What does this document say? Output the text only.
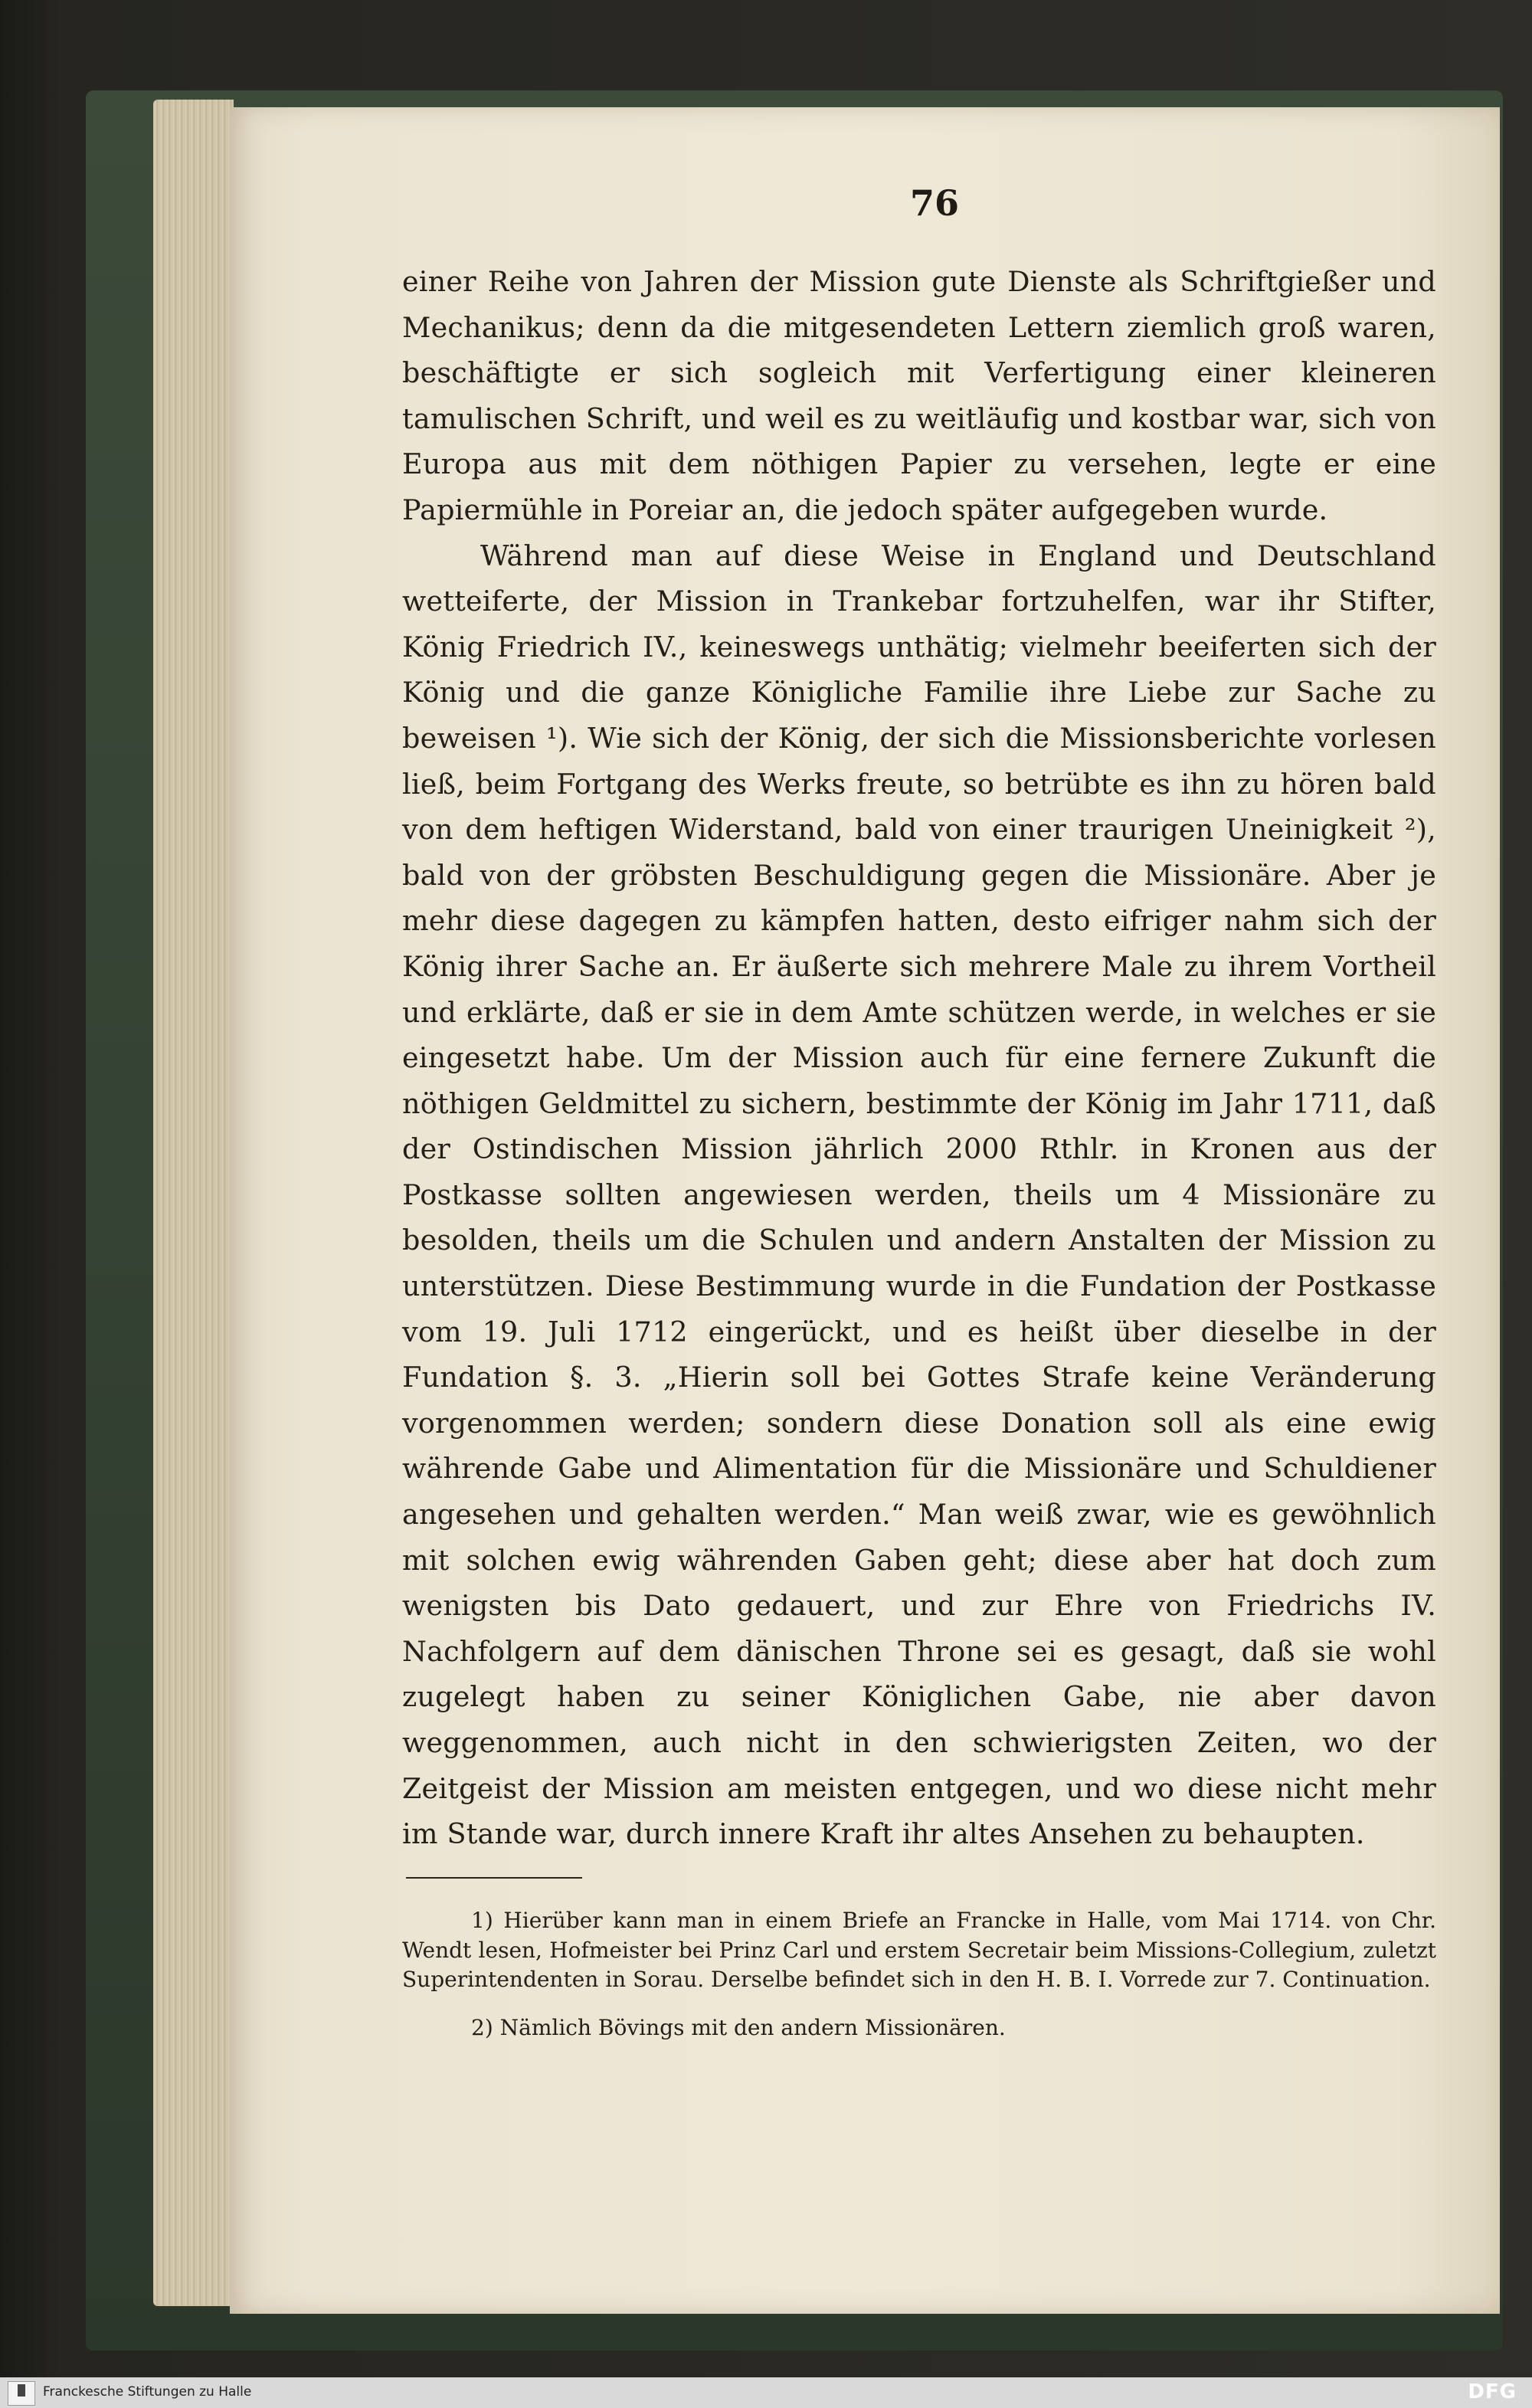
76

einer Reihe von Jahren der Mission gute Dienste als Schriftgießer und Mechanikus; denn da die mitgesendeten Lettern ziemlich groß waren, beschäftigte er sich sogleich mit Verfertigung einer kleineren tamulischen Schrift, und weil es zu weitläufig und kostbar war, sich von Europa aus mit dem nöthigen Papier zu versehen, legte er eine Papiermühle in Poreiar an, die jedoch später aufgegeben wurde.

Während man auf diese Weise in England und Deutschland wetteiferte, der Mission in Trankebar fortzuhelfen, war ihr Stifter, König Friedrich IV., keineswegs unthätig; vielmehr beeiferten sich der König und die ganze Königliche Familie ihre Liebe zur Sache zu beweisen ¹). Wie sich der König, der sich die Missionsberichte vorlesen ließ, beim Fortgang des Werks freute, so betrübte es ihn zu hören bald von dem heftigen Widerstand, bald von einer traurigen Uneinigkeit ²), bald von der gröbsten Beschuldigung gegen die Missionäre. Aber je mehr diese dagegen zu kämpfen hatten, desto eifriger nahm sich der König ihrer Sache an. Er äußerte sich mehrere Male zu ihrem Vortheil und erklärte, daß er sie in dem Amte schützen werde, in welches er sie eingesetzt habe. Um der Mission auch für eine fernere Zukunft die nöthigen Geldmittel zu sichern, bestimmte der König im Jahr 1711, daß der Ostindischen Mission jährlich 2000 Rthlr. in Kronen aus der Postkasse sollten angewiesen werden, theils um 4 Missionäre zu besolden, theils um die Schulen und andern Anstalten der Mission zu unterstützen. Diese Bestimmung wurde in die Fundation der Postkasse vom 19. Juli 1712 eingerückt, und es heißt über dieselbe in der Fundation §. 3. „Hierin soll bei Gottes Strafe keine Veränderung vorgenommen werden; sondern diese Donation soll als eine ewig währende Gabe und Alimentation für die Missionäre und Schuldiener angesehen und gehalten werden.“ Man weiß zwar, wie es gewöhnlich mit solchen ewig währenden Gaben geht; diese aber hat doch zum wenigsten bis Dato gedauert, und zur Ehre von Friedrichs IV. Nachfolgern auf dem dänischen Throne sei es gesagt, daß sie wohl zugelegt haben zu seiner Königlichen Gabe, nie aber davon weggenommen, auch nicht in den schwierigsten Zeiten, wo der Zeitgeist der Mission am meisten entgegen, und wo diese nicht mehr im Stande war, durch innere Kraft ihr altes Ansehen zu behaupten.

1) Hierüber kann man in einem Briefe an Francke in Halle, vom Mai 1714. von Chr. Wendt lesen, Hofmeister bei Prinz Carl und erstem Secretair beim Missions-Collegium, zuletzt Superintendenten in Sorau. Derselbe befindet sich in den H. B. I. Vorrede zur 7. Continuation.

2) Nämlich Bövings mit den andern Missionären.

Franckesche Stiftungen zu Halle	DFG
